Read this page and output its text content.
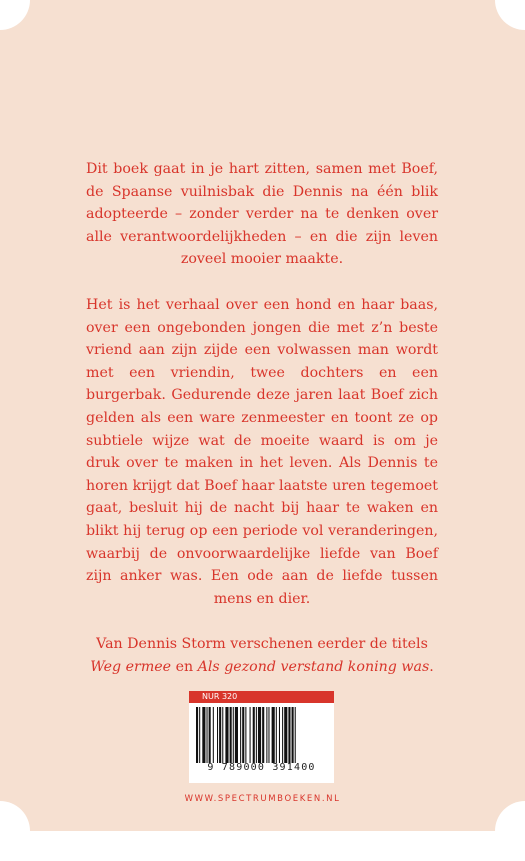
Dit boek gaat in je hart zitten, samen met Boef, de Spaanse vuilnisbak die Dennis na één blik adopteerde – zonder verder na te denken over alle verantwoordelijkheden – en die zijn leven zoveel mooier maakte.

Het is het verhaal over een hond en haar baas, over een ongebonden jongen die met z’n beste vriend aan zijn zijde een volwassen man wordt met een vriendin, twee dochters en een burgerbak. Gedurende deze jaren laat Boef zich gelden als een ware zenmeester en toont ze op subtiele wijze wat de moeite waard is om je druk over te maken in het leven. Als Dennis te horen krijgt dat Boef haar laatste uren tegemoet gaat, besluit hij de nacht bij haar te waken en blikt hij terug op een periode vol veranderingen, waarbij de onvoorwaardelijke liefde van Boef zijn anker was. Een ode aan de liefde tussen mens en dier.

Van Dennis Storm verschenen eerder de titels Weg ermee en Als gezond verstand koning was.

NUR 320
9 789000 391400
WWW.SPECTRUMBOEKEN.NL
